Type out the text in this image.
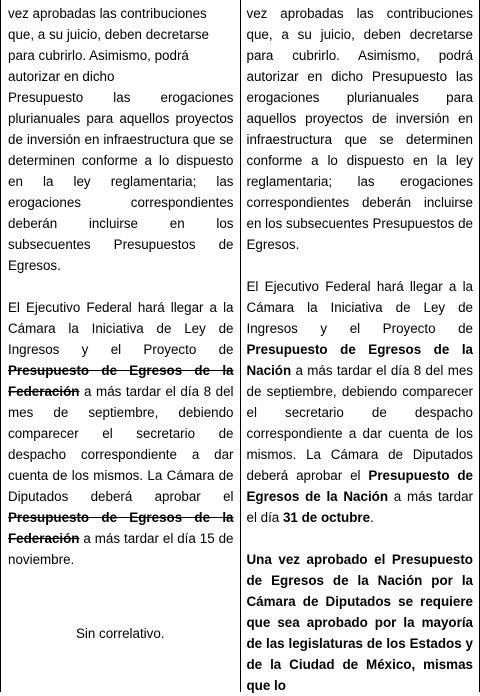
vez aprobadas las contribuciones que, a su juicio, deben decretarse para cubrirlo. Asimismo, podrá autorizar en dicho

Presupuesto las erogaciones plurianuales para aquellos proyectos de inversión en infraestructura que se determinen conforme a lo dispuesto en la ley reglamentaria; las erogaciones correspondientes deberán incluirse en los subsecuentes Presupuestos de Egresos.

El Ejecutivo Federal hará llegar a la Cámara la Iniciativa de Ley de Ingresos y el Proyecto de Presupuesto de Egresos de la Federación a más tardar el día 8 del mes de septiembre, debiendo comparecer el secretario de despacho correspondiente a dar cuenta de los mismos. La Cámara de Diputados deberá aprobar el Presupuesto de Egresos de la Federación a más tardar el día 15 de noviembre.

Sin correlativo.

vez aprobadas las contribuciones que, a su juicio, deben decretarse para cubrirlo. Asimismo, podrá autorizar en dicho Presupuesto las erogaciones plurianuales para aquellos proyectos de inversión en infraestructura que se determinen conforme a lo dispuesto en la ley reglamentaria; las erogaciones correspondientes deberán incluirse en los subsecuentes Presupuestos de Egresos.

El Ejecutivo Federal hará llegar a la Cámara la Iniciativa de Ley de Ingresos y el Proyecto de Presupuesto de Egresos de la Nación a más tardar el día 8 del mes de septiembre, debiendo comparecer el secretario de despacho correspondiente a dar cuenta de los mismos. La Cámara de Diputados deberá aprobar el Presupuesto de Egresos de la Nación a más tardar el día 31 de octubre.

Una vez aprobado el Presupuesto de Egresos de la Nación por la Cámara de Diputados se requiere que sea aprobado por la mayoría de las legislaturas de los Estados y de la Ciudad de México, mismas que lo
